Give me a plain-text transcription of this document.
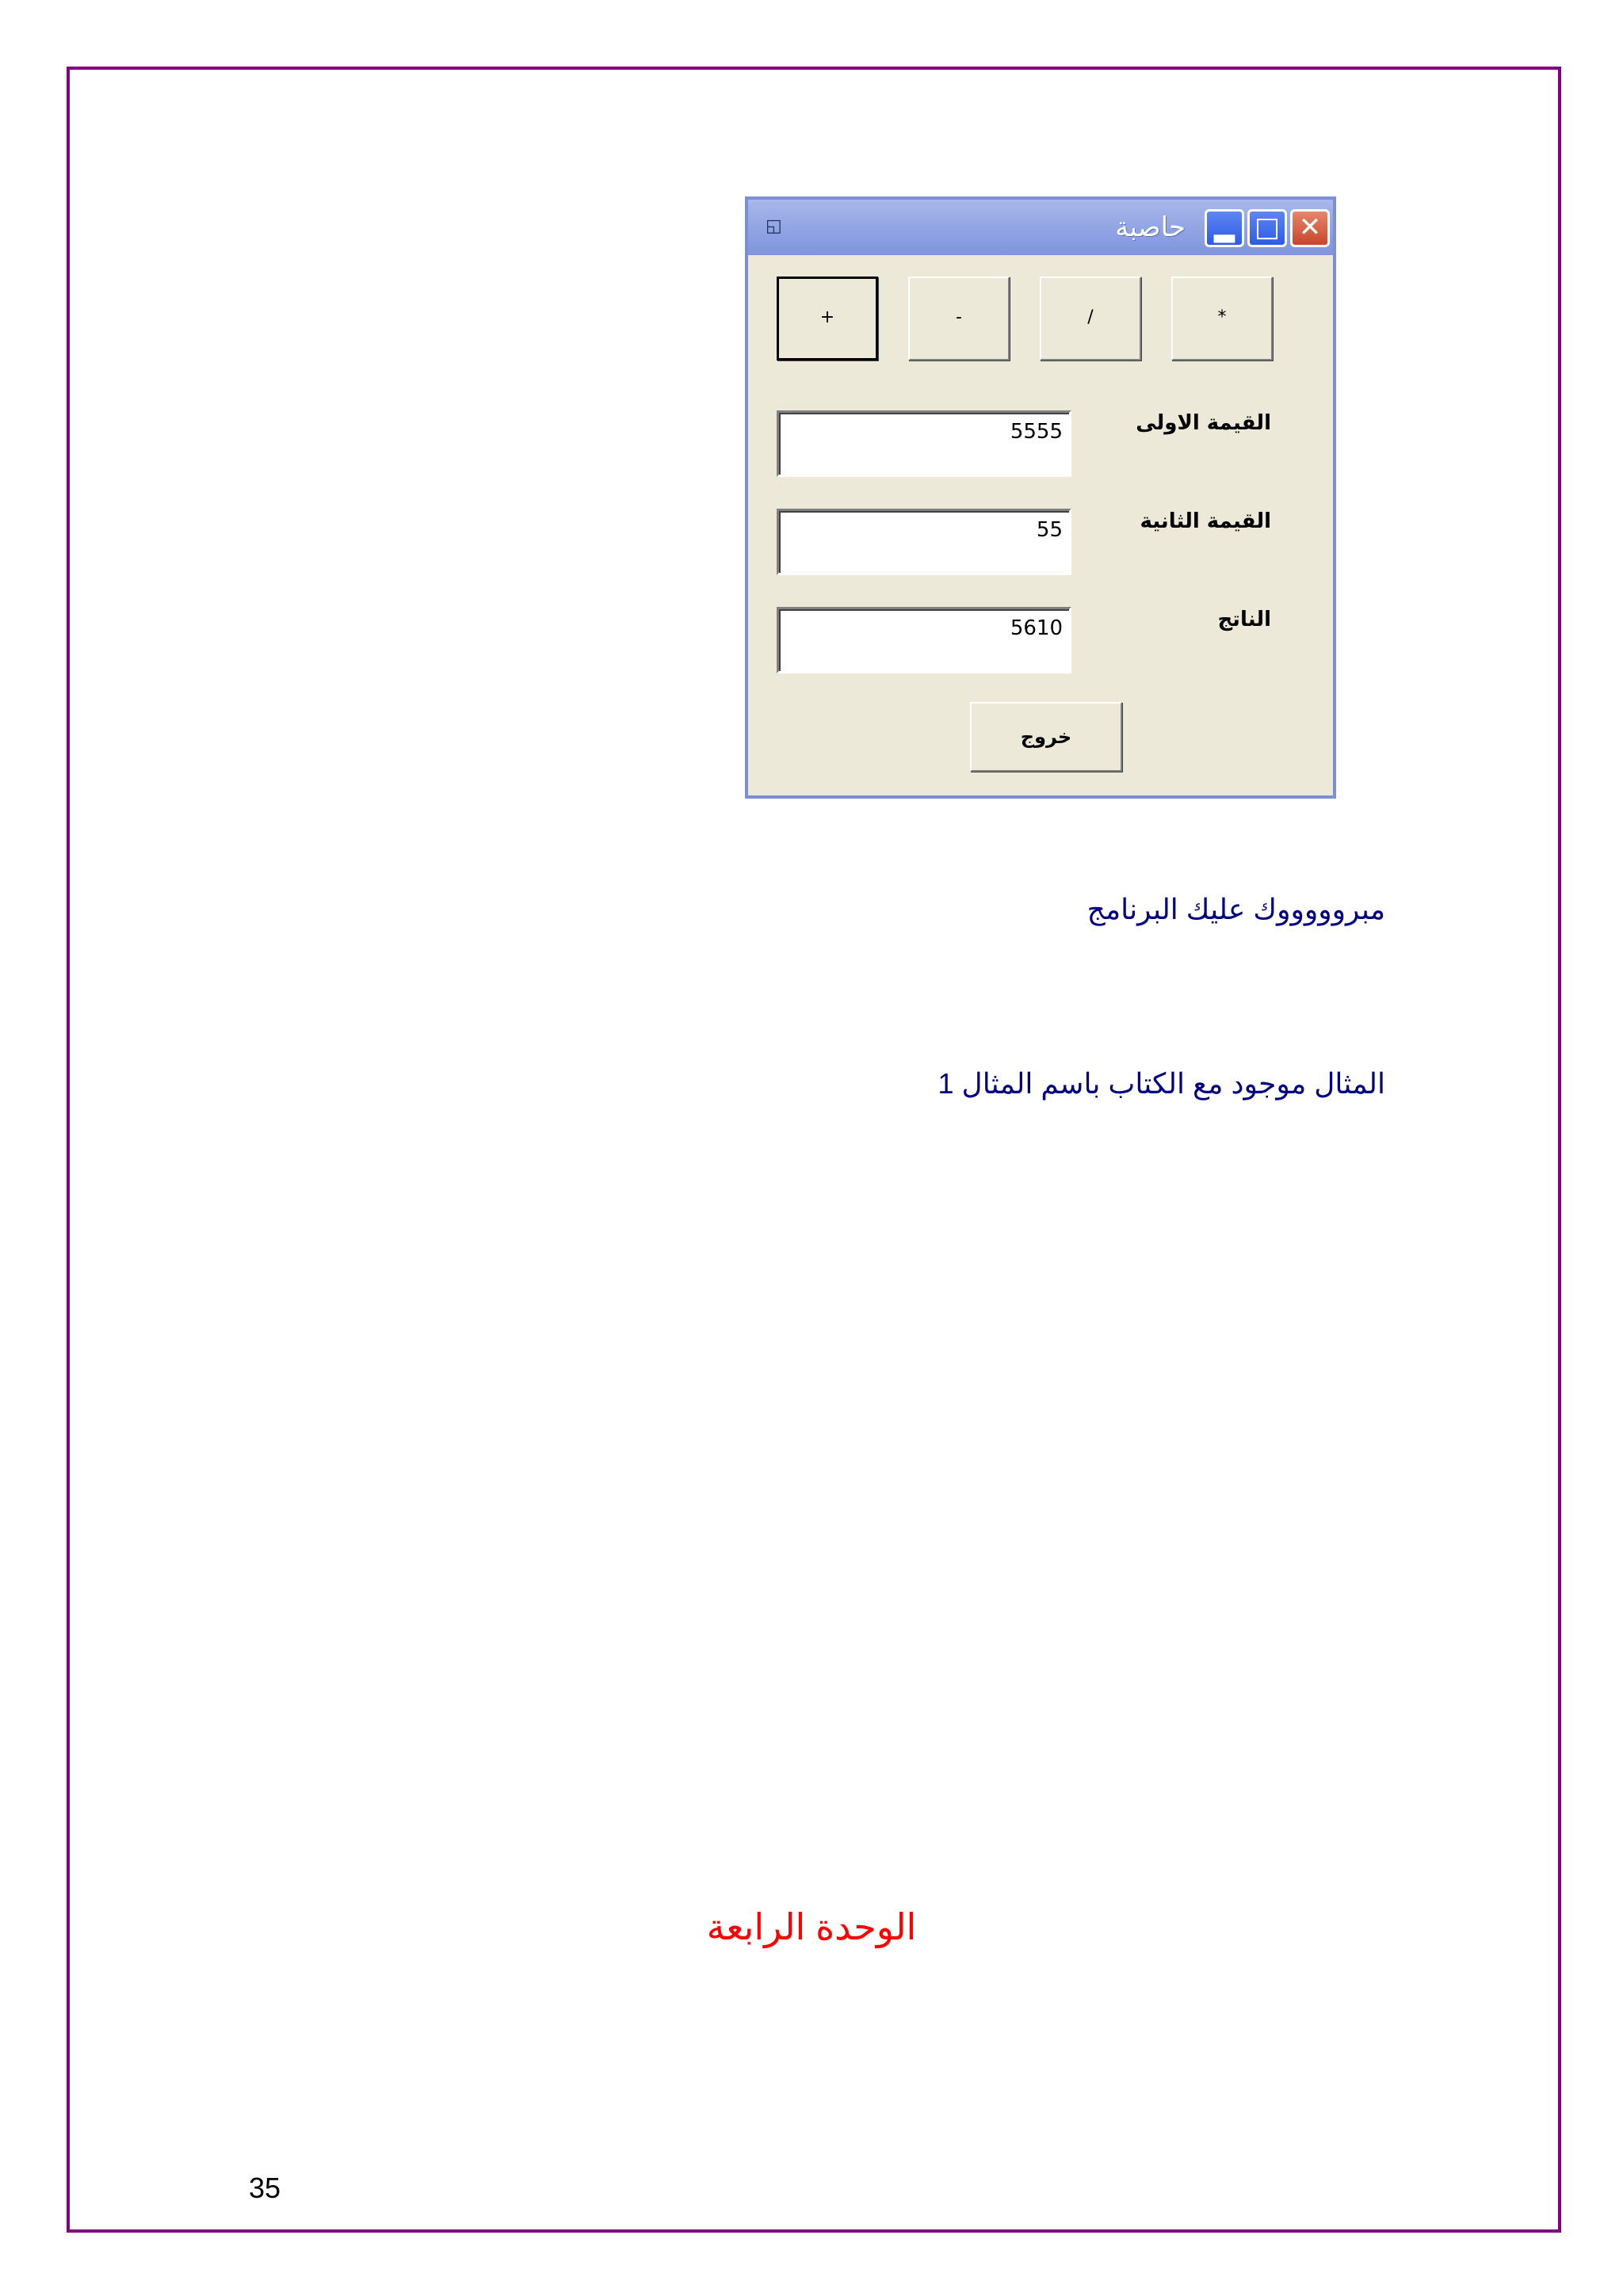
◱	حاصبة	▂ □ ✕
+	-	/	*
القيمة الاولى
5555
القيمة الثانية
55
الناتج
5610
خروج
مبروووووك عليك البرنامج
المثال موجود مع الكتاب باسم المثال 1
الوحدة الرابعة
35
